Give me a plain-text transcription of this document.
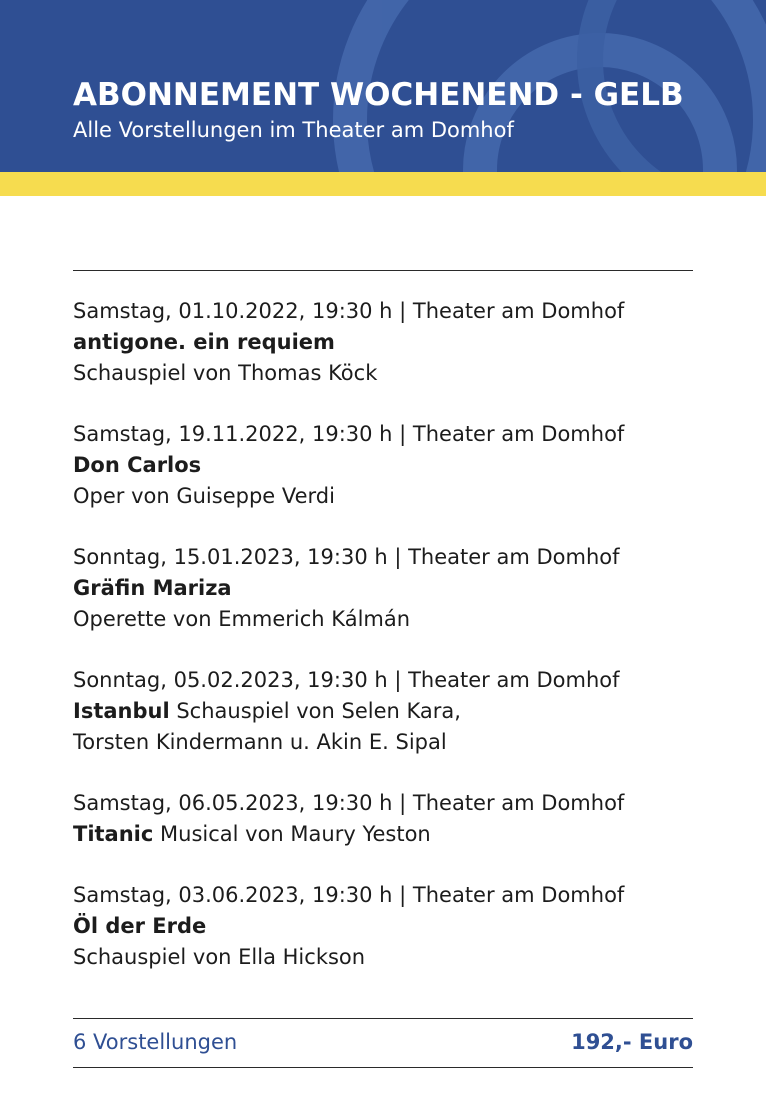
ABONNEMENT WOCHENEND - GELB

Alle Vorstellungen im Theater am Domhof

Samstag, 01.10.2022, 19:30 h | Theater am Domhof
antigone. ein requiem
Schauspiel von Thomas Köck
Samstag, 19.11.2022, 19:30 h | Theater am Domhof
Don Carlos
Oper von Guiseppe Verdi
Sonntag, 15.01.2023, 19:30 h | Theater am Domhof
Gräfin Mariza
Operette von Emmerich Kálmán
Sonntag, 05.02.2023, 19:30 h | Theater am Domhof
Istanbul Schauspiel von Selen Kara,
Torsten Kindermann u. Akin E. Sipal
Samstag, 06.05.2023, 19:30 h | Theater am Domhof
Titanic Musical von Maury Yeston
Samstag, 03.06.2023, 19:30 h | Theater am Domhof
Öl der Erde
Schauspiel von Ella Hickson
6 Vorstellungen	192,- Euro
